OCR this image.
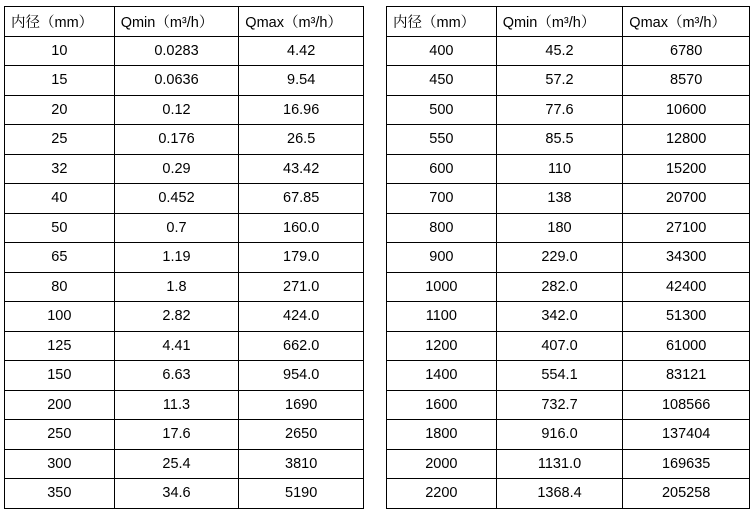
内径（mm）	Qmin（m³/h）	Qmax（m³/h）
10	0.0283	4.42
15	0.0636	9.54
20	0.12	16.96
25	0.176	26.5
32	0.29	43.42
40	0.452	67.85
50	0.7	160.0
65	1.19	179.0
80	1.8	271.0
100	2.82	424.0
125	4.41	662.0
150	6.63	954.0
200	11.3	1690
250	17.6	2650
300	25.4	3810
350	34.6	5190
内径（mm）	Qmin（m³/h）	Qmax（m³/h）
400	45.2	6780
450	57.2	8570
500	77.6	10600
550	85.5	12800
600	110	15200
700	138	20700
800	180	27100
900	229.0	34300
1000	282.0	42400
1100	342.0	51300
1200	407.0	61000
1400	554.1	83121
1600	732.7	108566
1800	916.0	137404
2000	1131.0	169635
2200	1368.4	205258
